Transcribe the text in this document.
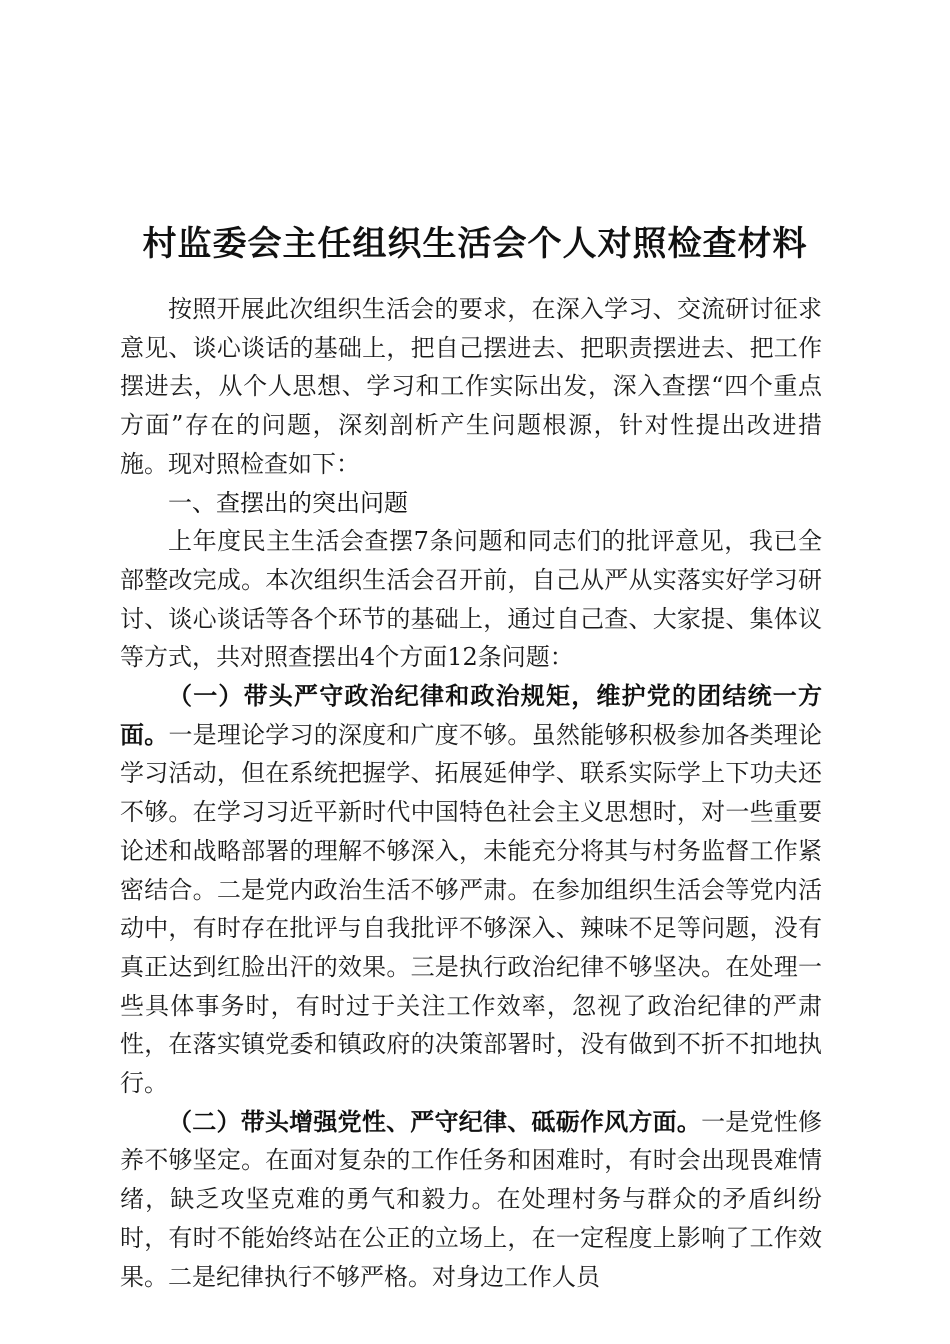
村监委会主任组织生活会个人对照检查材料

按照开展此次组织生活会的要求，在深入学习、交流研讨征求意见、谈心谈话的基础上，把自己摆进去、把职责摆进去、把工作摆进去，从个人思想、学习和工作实际出发，深入查摆“四个重点方面”存在的问题，深刻剖析产生问题根源，针对性提出改进措施。现对照检查如下：

一、查摆出的突出问题

上年度民主生活会查摆7条问题和同志们的批评意见，我已全部整改完成。本次组织生活会召开前，自己从严从实落实好学习研讨、谈心谈话等各个环节的基础上，通过自己查、大家提、集体议等方式，共对照查摆出4个方面12条问题：

（一）带头严守政治纪律和政治规矩，维护党的团结统一方面。一是理论学习的深度和广度不够。虽然能够积极参加各类理论学习活动，但在系统把握学、拓展延伸学、联系实际学上下功夫还不够。在学习习近平新时代中国特色社会主义思想时，对一些重要论述和战略部署的理解不够深入，未能充分将其与村务监督工作紧密结合。二是党内政治生活不够严肃。在参加组织生活会等党内活动中，有时存在批评与自我批评不够深入、辣味不足等问题，没有真正达到红脸出汗的效果。三是执行政治纪律不够坚决。在处理一些具体事务时，有时过于关注工作效率，忽视了政治纪律的严肃性，在落实镇党委和镇政府的决策部署时，没有做到不折不扣地执行。

（二）带头增强党性、严守纪律、砥砺作风方面。一是党性修养不够坚定。在面对复杂的工作任务和困难时，有时会出现畏难情绪，缺乏攻坚克难的勇气和毅力。在处理村务与群众的矛盾纠纷时，有时不能始终站在公正的立场上，在一定程度上影响了工作效果。二是纪律执行不够严格。对身边工作人员
